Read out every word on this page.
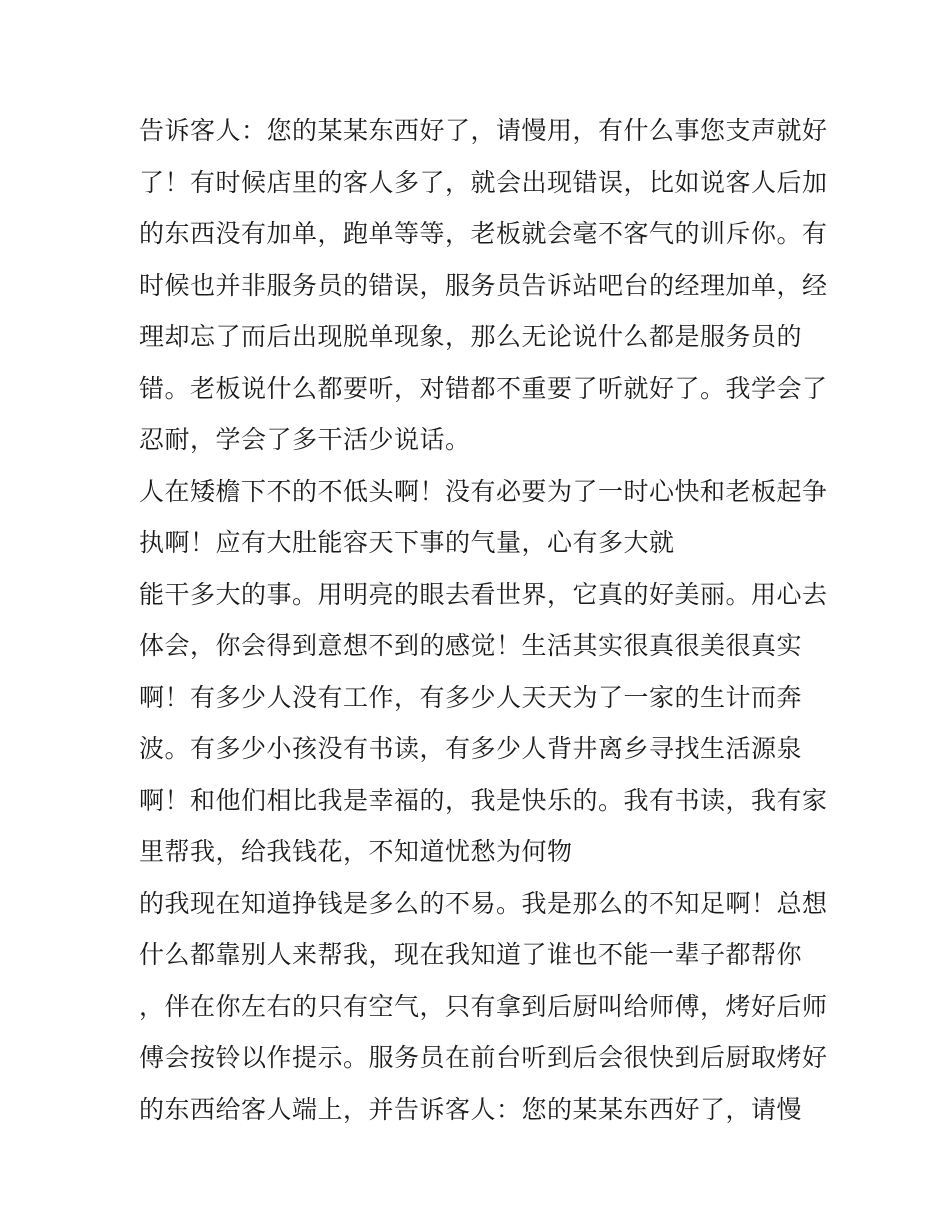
告诉客人：您的某某东西好了，请慢用，有什么事您支声就好
了！有时候店里的客人多了，就会出现错误，比如说客人后加
的东西没有加单，跑单等等，老板就会毫不客气的训斥你。有
时候也并非服务员的错误，服务员告诉站吧台的经理加单，经
理却忘了而后出现脱单现象，那么无论说什么都是服务员的
错。老板说什么都要听，对错都不重要了听就好了。我学会了
忍耐，学会了多干活少说话。
人在矮檐下不的不低头啊！没有必要为了一时心快和老板起争
执啊！应有大肚能容天下事的气量，心有多大就
能干多大的事。用明亮的眼去看世界，它真的好美丽。用心去
体会，你会得到意想不到的感觉！生活其实很真很美很真实
啊！有多少人没有工作，有多少人天天为了一家的生计而奔
波。有多少小孩没有书读，有多少人背井离乡寻找生活源泉
啊！和他们相比我是幸福的，我是快乐的。我有书读，我有家
里帮我，给我钱花，不知道忧愁为何物
的我现在知道挣钱是多么的不易。我是那么的不知足啊！总想
什么都靠别人来帮我，现在我知道了谁也不能一辈子都帮你
，伴在你左右的只有空气，只有拿到后厨叫给师傅，烤好后师
傅会按铃以作提示。服务员在前台听到后会很快到后厨取烤好
的东西给客人端上，并告诉客人：您的某某东西好了，请慢
